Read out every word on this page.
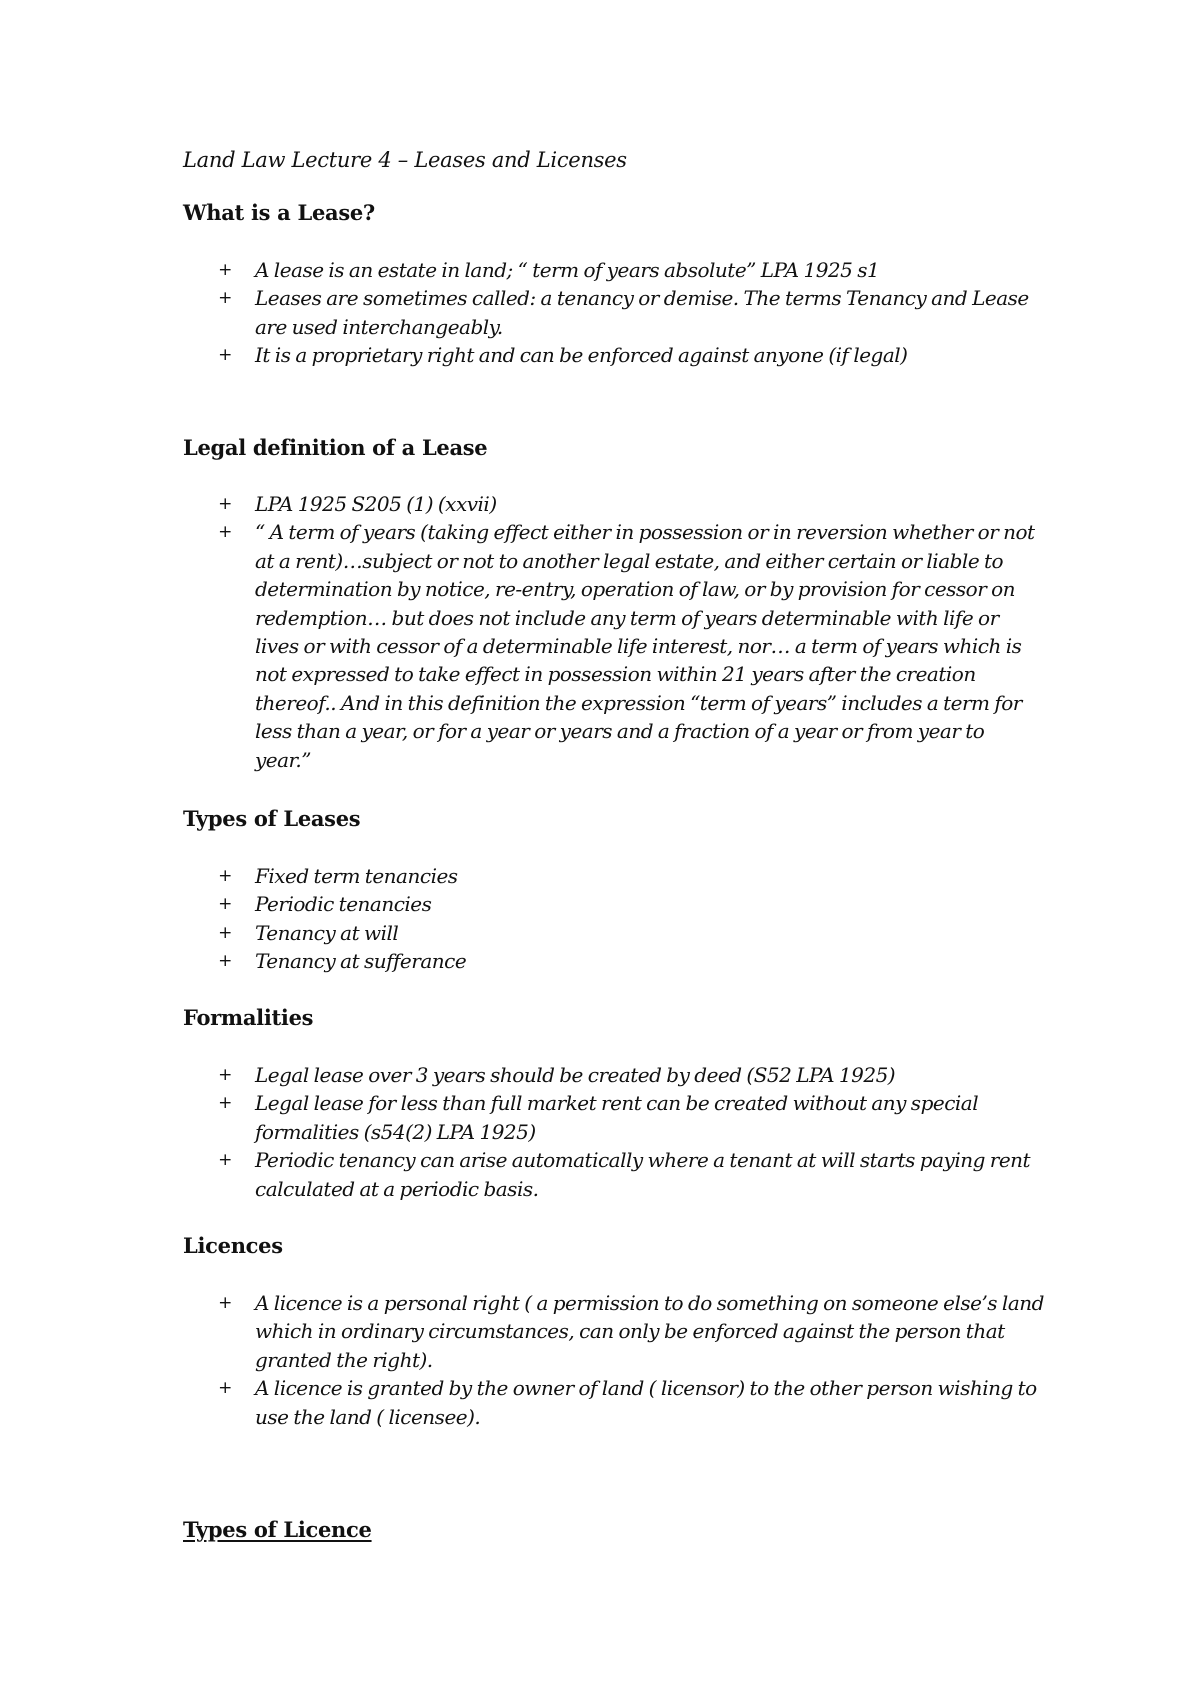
Land Law Lecture 4 – Leases and Licenses
What is a Lease?
+ A lease is an estate in land; “ term of years absolute” LPA 1925 s1
+ Leases are sometimes called: a tenancy or demise. The terms Tenancy and Lease are used interchangeably.
+ It is a proprietary right and can be enforced against anyone (if legal)
Legal definition of a Lease
+ LPA 1925 S205 (1) (xxvii)
+ “ A term of years (taking effect either in possession or in reversion whether or not at a rent)…subject or not to another legal estate, and either certain or liable to determination by notice, re-entry, operation of law, or by provision for cessor on redemption… but does not include any term of years determinable with life or lives or with cessor of a determinable life interest, nor… a term of years which is not expressed to take effect in possession within 21 years after the creation thereof.. And in this definition the expression “term of years” includes a term for less than a year, or for a year or years and a fraction of a year or from year to year.”
Types of Leases
+ Fixed term tenancies
+ Periodic tenancies
+ Tenancy at will
+ Tenancy at sufferance
Formalities
+ Legal lease over 3 years should be created by deed (S52 LPA 1925)
+ Legal lease for less than full market rent can be created without any special formalities (s54(2) LPA 1925)
+ Periodic tenancy can arise automatically where a tenant at will starts paying rent calculated at a periodic basis.
Licences
+ A licence is a personal right ( a permission to do something on someone else’s land which in ordinary circumstances, can only be enforced against the person that granted the right).
+ A licence is granted by the owner of land ( licensor) to the other person wishing to use the land ( licensee).
Types of Licence
